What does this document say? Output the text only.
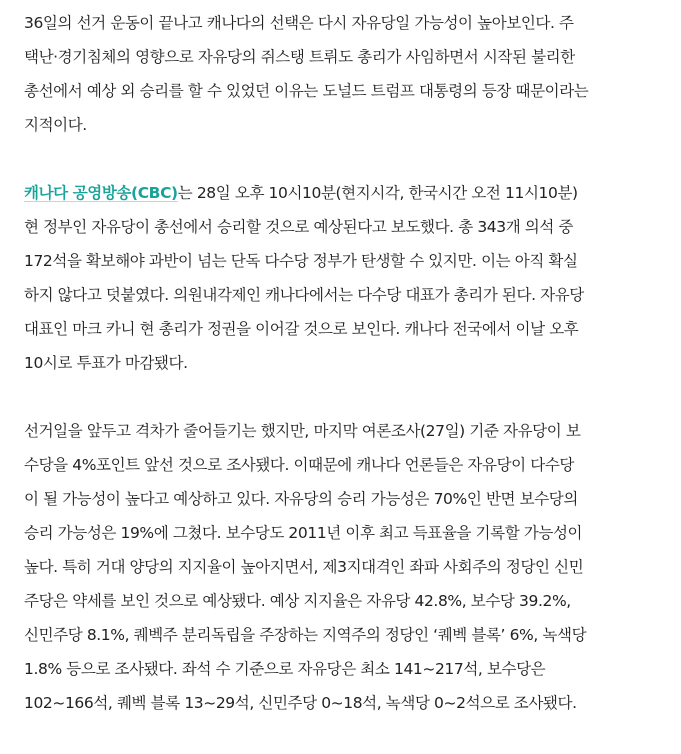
36일의 선거 운동이 끝나고 캐나다의 선택은 다시 자유당일 가능성이 높아보인다. 주
택난·경기침체의 영향으로 자유당의 쥐스탱 트뤼도 총리가 사임하면서 시작된 불리한
총선에서 예상 외 승리를 할 수 있었던 이유는 도널드 트럼프 대통령의 등장 때문이라는
지적이다.

캐나다 공영방송(CBC)는 28일 오후 10시10분(현지시각, 한국시간 오전 11시10분)
현 정부인 자유당이 총선에서 승리할 것으로 예상된다고 보도했다. 총 343개 의석 중
172석을 확보해야 과반이 넘는 단독 다수당 정부가 탄생할 수 있지만. 이는 아직 확실
하지 않다고 덧붙였다. 의원내각제인 캐나다에서는 다수당 대표가 총리가 된다. 자유당
대표인 마크 카니 현 총리가 정권을 이어갈 것으로 보인다. 캐나다 전국에서 이날 오후
10시로 투표가 마감됐다.

선거일을 앞두고 격차가 줄어들기는 했지만, 마지막 여론조사(27일) 기준 자유당이 보
수당을 4%포인트 앞선 것으로 조사됐다. 이때문에 캐나다 언론들은 자유당이 다수당
이 될 가능성이 높다고 예상하고 있다. 자유당의 승리 가능성은 70%인 반면 보수당의
승리 가능성은 19%에 그쳤다. 보수당도 2011년 이후 최고 득표율을 기록할 가능성이
높다. 특히 거대 양당의 지지율이 높아지면서, 제3지대격인 좌파 사회주의 정당인 신민
주당은 약세를 보인 것으로 예상됐다. 예상 지지율은 자유당 42.8%, 보수당 39.2%,
신민주당 8.1%, 퀘벡주 분리독립을 주장하는 지역주의 정당인 ‘퀘벡 블록’ 6%, 녹색당
1.8% 등으로 조사됐다. 좌석 수 기준으로 자유당은 최소 141~217석, 보수당은
102~166석, 퀘벡 블록 13~29석, 신민주당 0~18석, 녹색당 0~2석으로 조사됐다.
